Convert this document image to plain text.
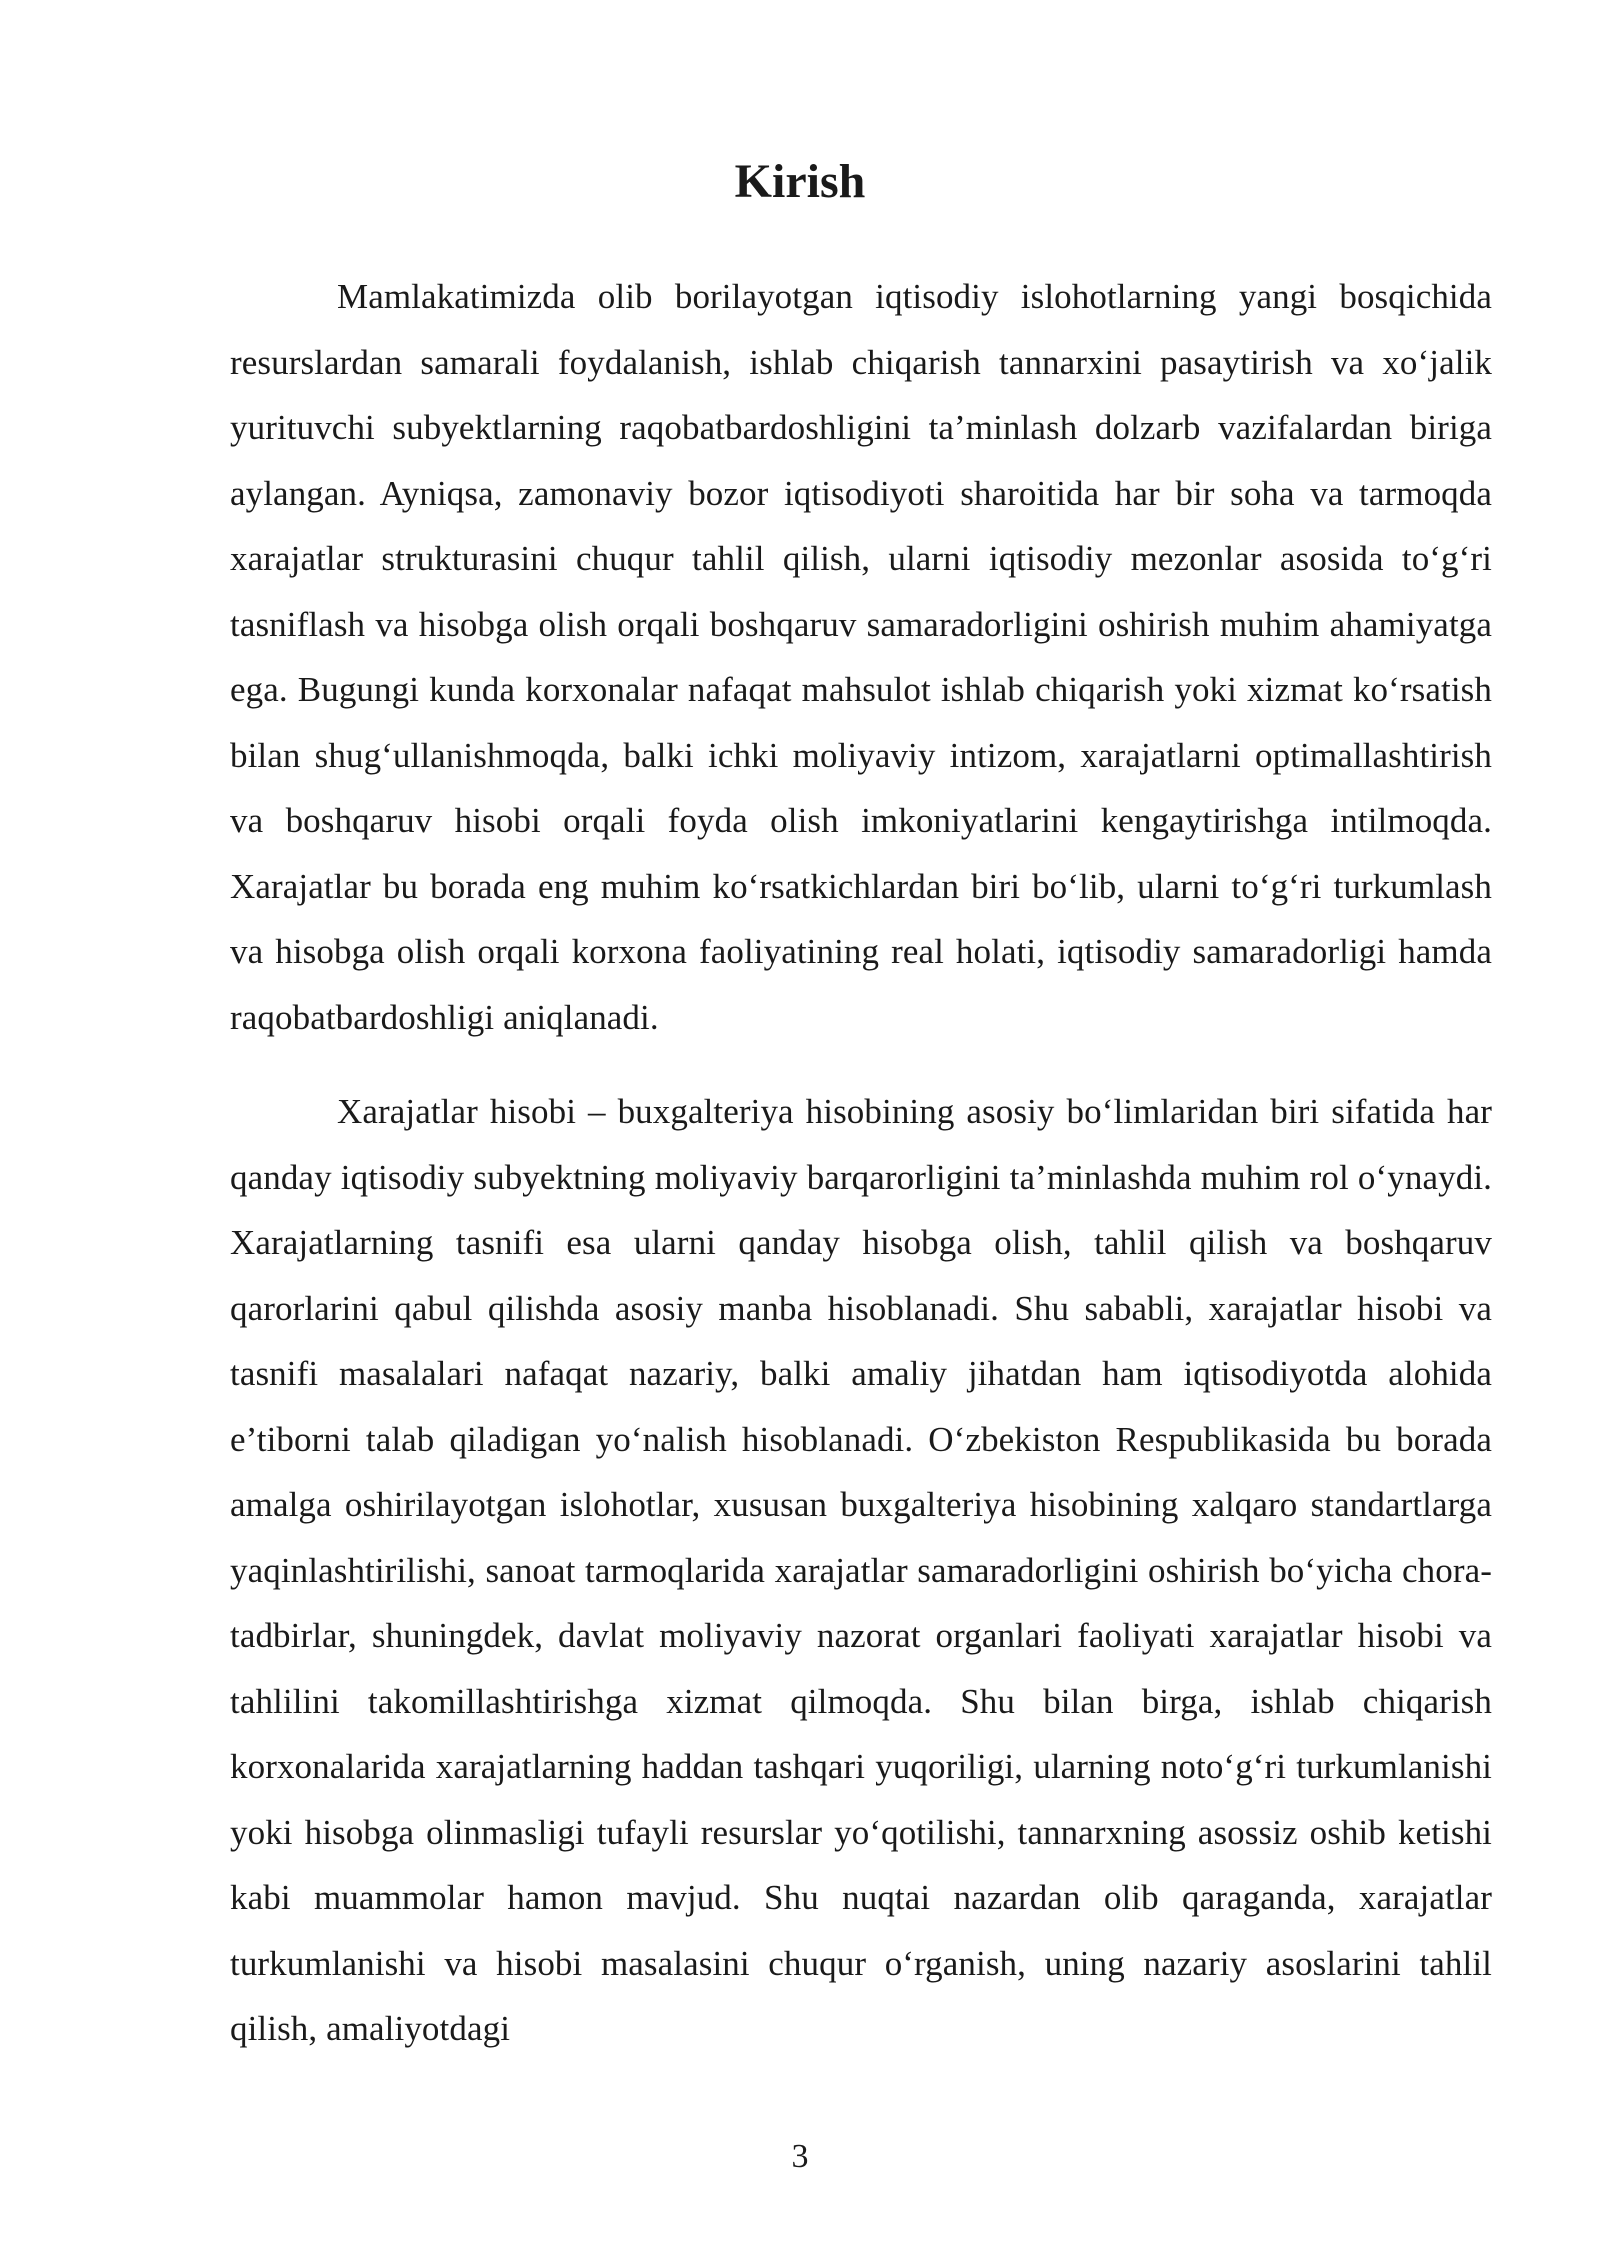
Kirish

Mamlakatimizda olib borilayotgan iqtisodiy islohotlarning yangi bosqichida resurslardan samarali foydalanish, ishlab chiqarish tannarxini pasaytirish va xo‘jalik yurituvchi subyektlarning raqobatbardoshligini ta’minlash dolzarb vazifalardan biriga aylangan. Ayniqsa, zamonaviy bozor iqtisodiyoti sharoitida har bir soha va tarmoqda xarajatlar strukturasini chuqur tahlil qilish, ularni iqtisodiy mezonlar asosida to‘g‘ri tasniflash va hisobga olish orqali boshqaruv samaradorligini oshirish muhim ahamiyatga ega. Bugungi kunda korxonalar nafaqat mahsulot ishlab chiqarish yoki xizmat ko‘rsatish bilan shug‘ullanishmoqda, balki ichki moliyaviy intizom, xarajatlarni optimallashtirish va boshqaruv hisobi orqali foyda olish imkoniyatlarini kengaytirishga intilmoqda. Xarajatlar bu borada eng muhim ko‘rsatkichlardan biri bo‘lib, ularni to‘g‘ri turkumlash va hisobga olish orqali korxona faoliyatining real holati, iqtisodiy samaradorligi hamda raqobatbardoshligi aniqlanadi.

Xarajatlar hisobi – buxgalteriya hisobining asosiy bo‘limlaridan biri sifatida har qanday iqtisodiy subyektning moliyaviy barqarorligini ta’minlashda muhim rol o‘ynaydi. Xarajatlarning tasnifi esa ularni qanday hisobga olish, tahlil qilish va boshqaruv qarorlarini qabul qilishda asosiy manba hisoblanadi. Shu sababli, xarajatlar hisobi va tasnifi masalalari nafaqat nazariy, balki amaliy jihatdan ham iqtisodiyotda alohida e’tiborni talab qiladigan yo‘nalish hisoblanadi. O‘zbekiston Respublikasida bu borada amalga oshirilayotgan islohotlar, xususan buxgalteriya hisobining xalqaro standartlarga yaqinlashtirilishi, sanoat tarmoqlarida xarajatlar samaradorligini oshirish bo‘yicha chora-tadbirlar, shuningdek, davlat moliyaviy nazorat organlari faoliyati xarajatlar hisobi va tahlilini takomillashtirishga xizmat qilmoqda. Shu bilan birga, ishlab chiqarish korxonalarida xarajatlarning haddan tashqari yuqoriligi, ularning noto‘g‘ri turkumlanishi yoki hisobga olinmasligi tufayli resurslar yo‘qotilishi, tannarxning asossiz oshib ketishi kabi muammolar hamon mavjud. Shu nuqtai nazardan olib qaraganda, xarajatlar turkumlanishi va hisobi masalasini chuqur o‘rganish, uning nazariy asoslarini tahlil qilish, amaliyotdagi

3
